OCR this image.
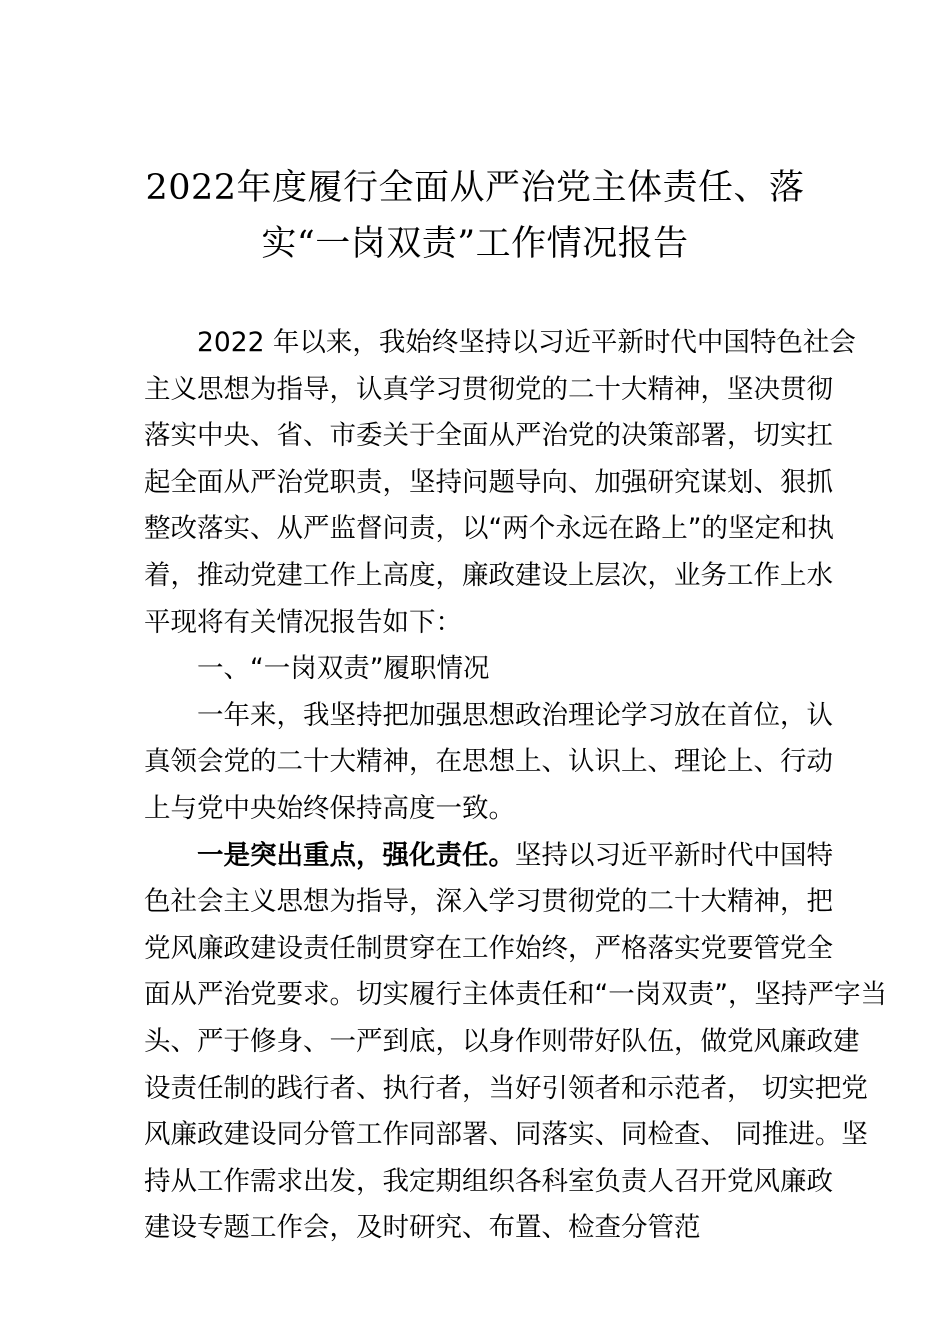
2022年度履行全面从严治党主体责任、落
实“一岗双责”工作情况报告
2022 年以来，我始终坚持以习近平新时代中国特色社会
主义思想为指导，认真学习贯彻党的二十大精神，坚决贯彻
落实中央、省、市委关于全面从严治党的决策部署，切实扛
起全面从严治党职责，坚持问题导向、加强研究谋划、狠抓
整改落实、从严监督问责，以“两个永远在路上”的坚定和执
着，推动党建工作上高度，廉政建设上层次，业务工作上水
平现将有关情况报告如下：
一、“一岗双责”履职情况
一年来，我坚持把加强思想政治理论学习放在首位，认
真领会党的二十大精神，在思想上、认识上、理论上、行动
上与党中央始终保持高度一致。
一是突出重点，强化责任。坚持以习近平新时代中国特
色社会主义思想为指导，深入学习贯彻党的二十大精神，把
党风廉政建设责任制贯穿在工作始终，严格落实党要管党全
面从严治党要求。切实履行主体责任和“一岗双责”，坚持严字当
头、严于修身、一严到底，以身作则带好队伍，做党风廉政建
设责任制的践行者、执行者，当好引领者和示范者， 切实把党
风廉政建设同分管工作同部署、同落实、同检查、 同推进。坚
持从工作需求出发，我定期组织各科室负责人召开党风廉政
建设专题工作会，及时研究、布置、检查分管范
